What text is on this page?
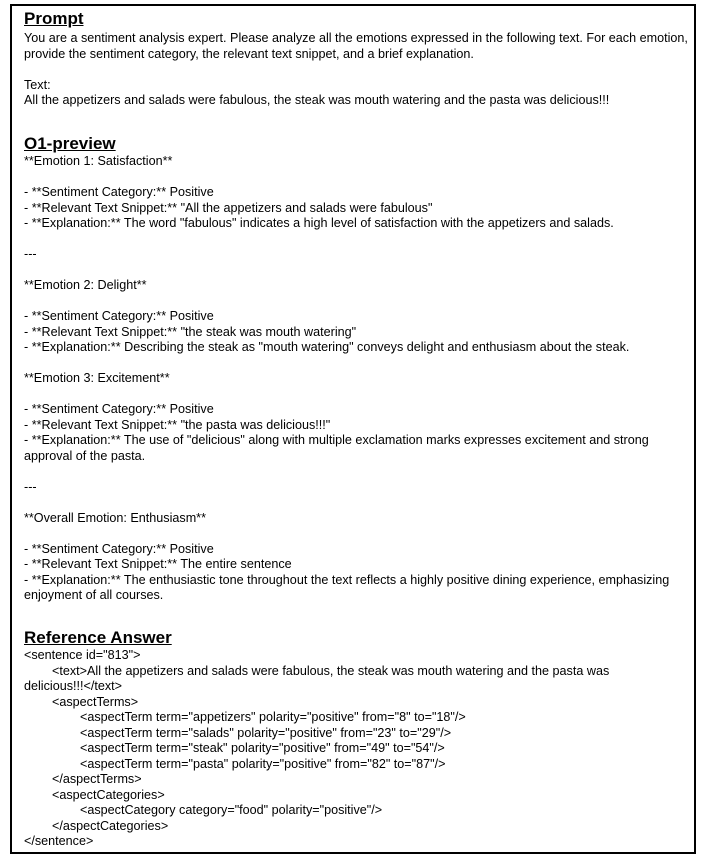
Prompt

You are a sentiment analysis expert. Please analyze all the emotions expressed in the following text. For each emotion, provide the sentiment category, the relevant text snippet, and a brief explanation.

Text:

All the appetizers and salads were fabulous, the steak was mouth watering and the pasta was delicious!!!

O1-preview

**Emotion 1: Satisfaction**

- **Sentiment Category:** Positive

- **Relevant Text Snippet:** "All the appetizers and salads were fabulous"

- **Explanation:** The word "fabulous" indicates a high level of satisfaction with the appetizers and salads.

---

**Emotion 2: Delight**

- **Sentiment Category:** Positive

- **Relevant Text Snippet:** "the steak was mouth watering"

- **Explanation:** Describing the steak as "mouth watering" conveys delight and enthusiasm about the steak.

**Emotion 3: Excitement**

- **Sentiment Category:** Positive

- **Relevant Text Snippet:** "the pasta was delicious!!!"

- **Explanation:** The use of "delicious" along with multiple exclamation marks expresses excitement and strong approval of the pasta.

---

**Overall Emotion: Enthusiasm**

- **Sentiment Category:** Positive

- **Relevant Text Snippet:** The entire sentence

- **Explanation:** The enthusiastic tone throughout the text reflects a highly positive dining experience, emphasizing enjoyment of all courses.

Reference Answer

<sentence id="813">

<text>All the appetizers and salads were fabulous, the steak was mouth watering and the pasta was

delicious!!!</text>

<aspectTerms>

<aspectTerm term="appetizers" polarity="positive" from="8" to="18"/>

<aspectTerm term="salads" polarity="positive" from="23" to="29"/>

<aspectTerm term="steak" polarity="positive" from="49" to="54"/>

<aspectTerm term="pasta" polarity="positive" from="82" to="87"/>

</aspectTerms>

<aspectCategories>

<aspectCategory category="food" polarity="positive"/>

</aspectCategories>

</sentence>
